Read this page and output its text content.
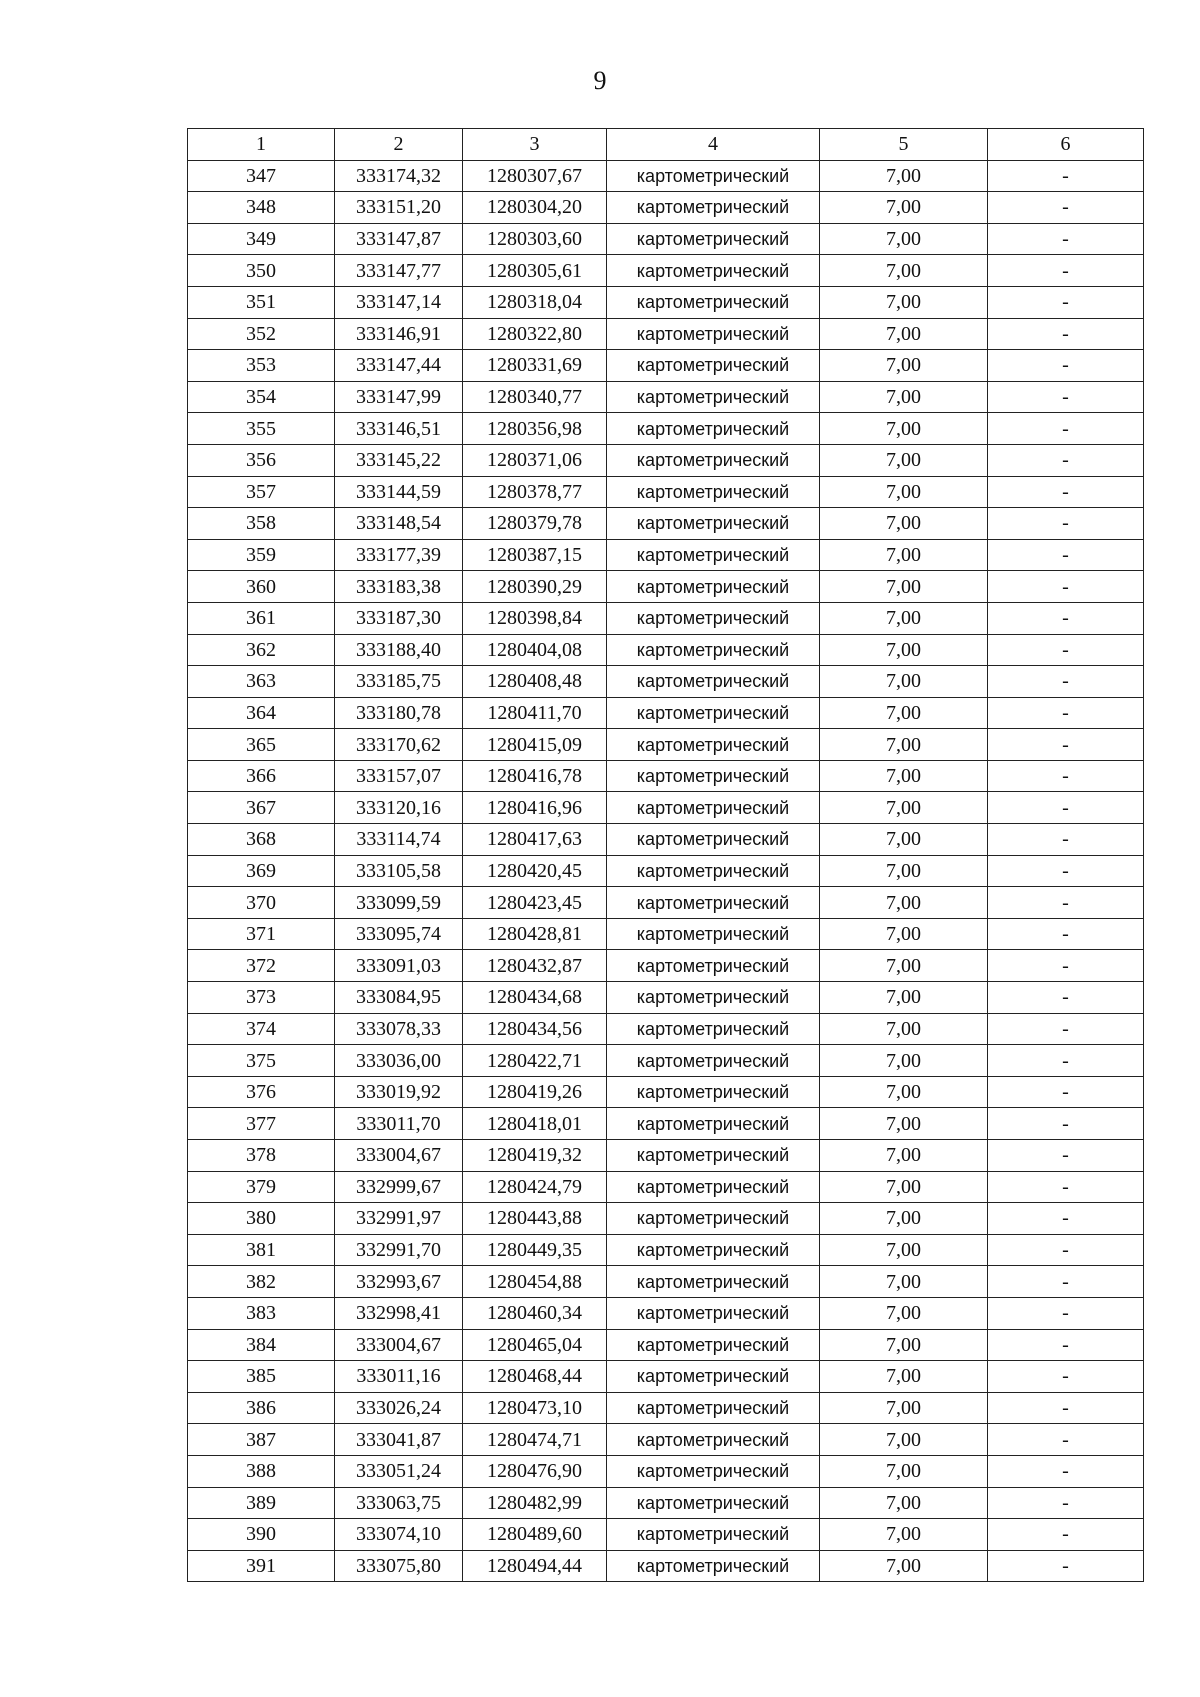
9
1	2	3	4	5	6
347	333174,32	1280307,67	картометрический	7,00	-
348	333151,20	1280304,20	картометрический	7,00	-
349	333147,87	1280303,60	картометрический	7,00	-
350	333147,77	1280305,61	картометрический	7,00	-
351	333147,14	1280318,04	картометрический	7,00	-
352	333146,91	1280322,80	картометрический	7,00	-
353	333147,44	1280331,69	картометрический	7,00	-
354	333147,99	1280340,77	картометрический	7,00	-
355	333146,51	1280356,98	картометрический	7,00	-
356	333145,22	1280371,06	картометрический	7,00	-
357	333144,59	1280378,77	картометрический	7,00	-
358	333148,54	1280379,78	картометрический	7,00	-
359	333177,39	1280387,15	картометрический	7,00	-
360	333183,38	1280390,29	картометрический	7,00	-
361	333187,30	1280398,84	картометрический	7,00	-
362	333188,40	1280404,08	картометрический	7,00	-
363	333185,75	1280408,48	картометрический	7,00	-
364	333180,78	1280411,70	картометрический	7,00	-
365	333170,62	1280415,09	картометрический	7,00	-
366	333157,07	1280416,78	картометрический	7,00	-
367	333120,16	1280416,96	картометрический	7,00	-
368	333114,74	1280417,63	картометрический	7,00	-
369	333105,58	1280420,45	картометрический	7,00	-
370	333099,59	1280423,45	картометрический	7,00	-
371	333095,74	1280428,81	картометрический	7,00	-
372	333091,03	1280432,87	картометрический	7,00	-
373	333084,95	1280434,68	картометрический	7,00	-
374	333078,33	1280434,56	картометрический	7,00	-
375	333036,00	1280422,71	картометрический	7,00	-
376	333019,92	1280419,26	картометрический	7,00	-
377	333011,70	1280418,01	картометрический	7,00	-
378	333004,67	1280419,32	картометрический	7,00	-
379	332999,67	1280424,79	картометрический	7,00	-
380	332991,97	1280443,88	картометрический	7,00	-
381	332991,70	1280449,35	картометрический	7,00	-
382	332993,67	1280454,88	картометрический	7,00	-
383	332998,41	1280460,34	картометрический	7,00	-
384	333004,67	1280465,04	картометрический	7,00	-
385	333011,16	1280468,44	картометрический	7,00	-
386	333026,24	1280473,10	картометрический	7,00	-
387	333041,87	1280474,71	картометрический	7,00	-
388	333051,24	1280476,90	картометрический	7,00	-
389	333063,75	1280482,99	картометрический	7,00	-
390	333074,10	1280489,60	картометрический	7,00	-
391	333075,80	1280494,44	картометрический	7,00	-
